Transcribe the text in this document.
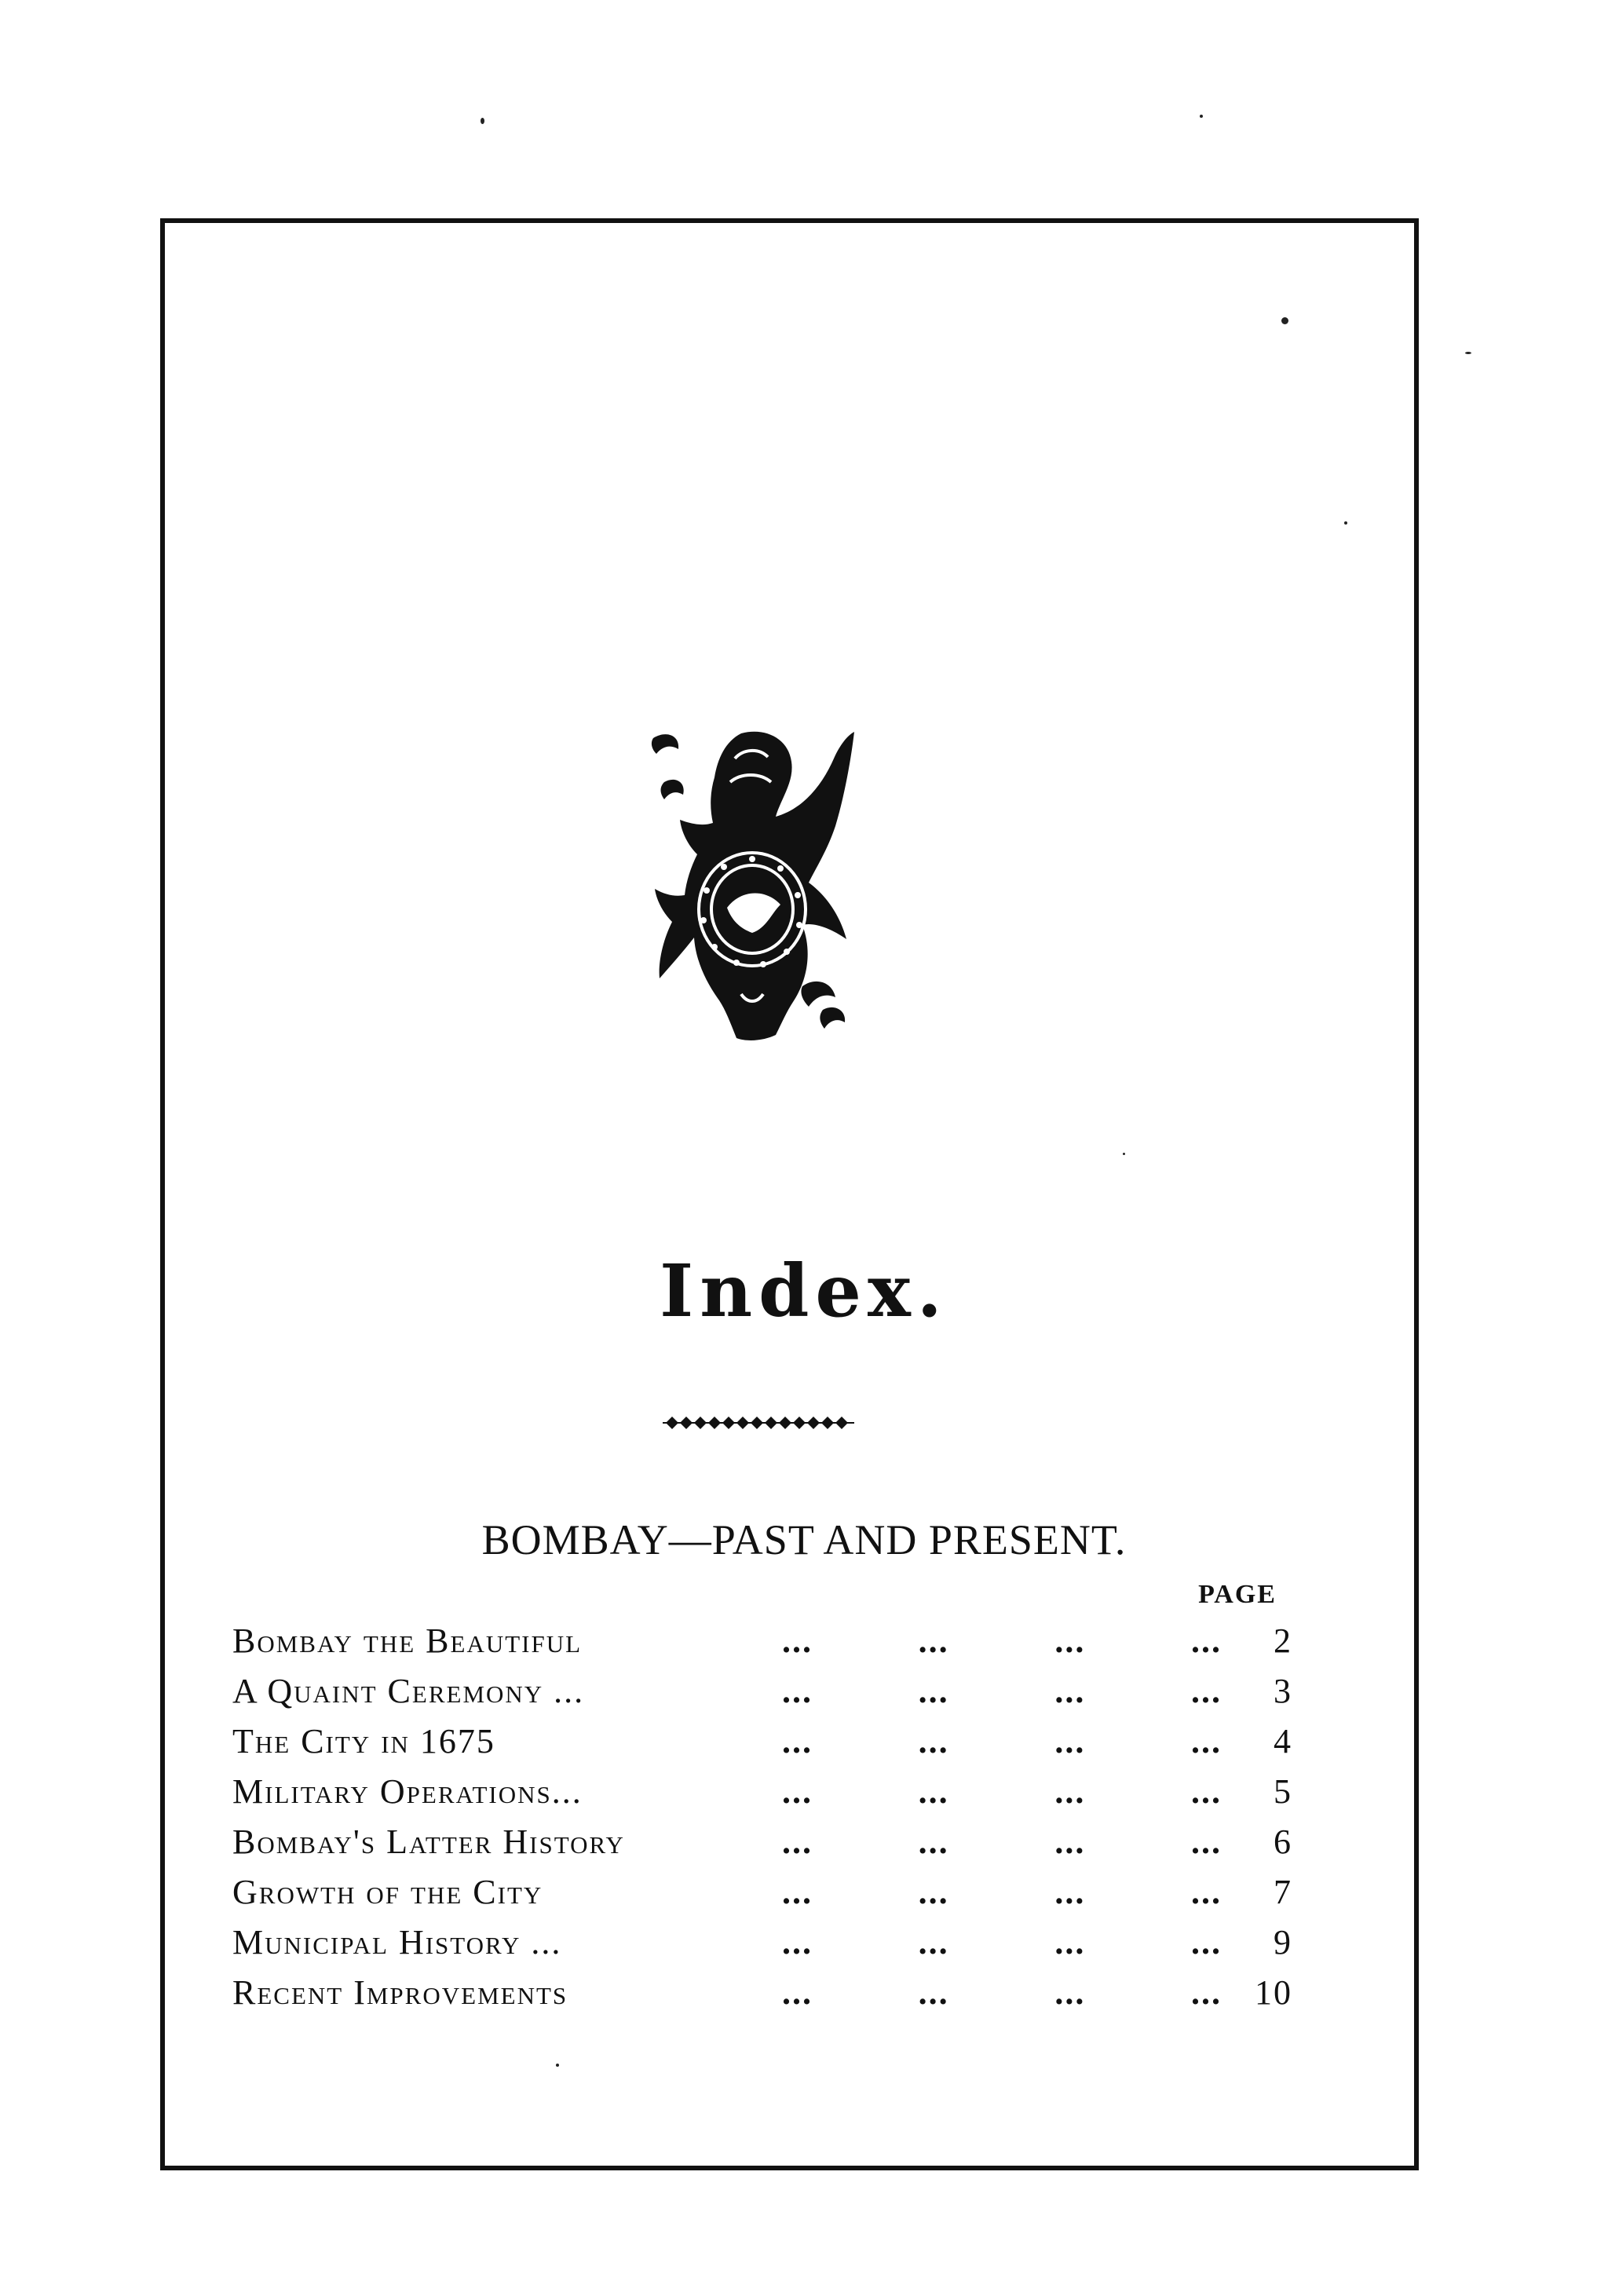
Index.
BOMBAY—PAST AND PRESENT.
PAGE
Bombay the Beautiful	...	...	...	...	2
A Quaint Ceremony ...	...	...	...	...	3
The City in 1675	...	...	...	...	4
Military Operations...	...	...	...	...	5
Bombay's Latter History	...	...	...	...	6
Growth of the City	...	...	...	...	7
Municipal History ...	...	...	...	...	9
Recent Improvements	...	...	...	... 10
